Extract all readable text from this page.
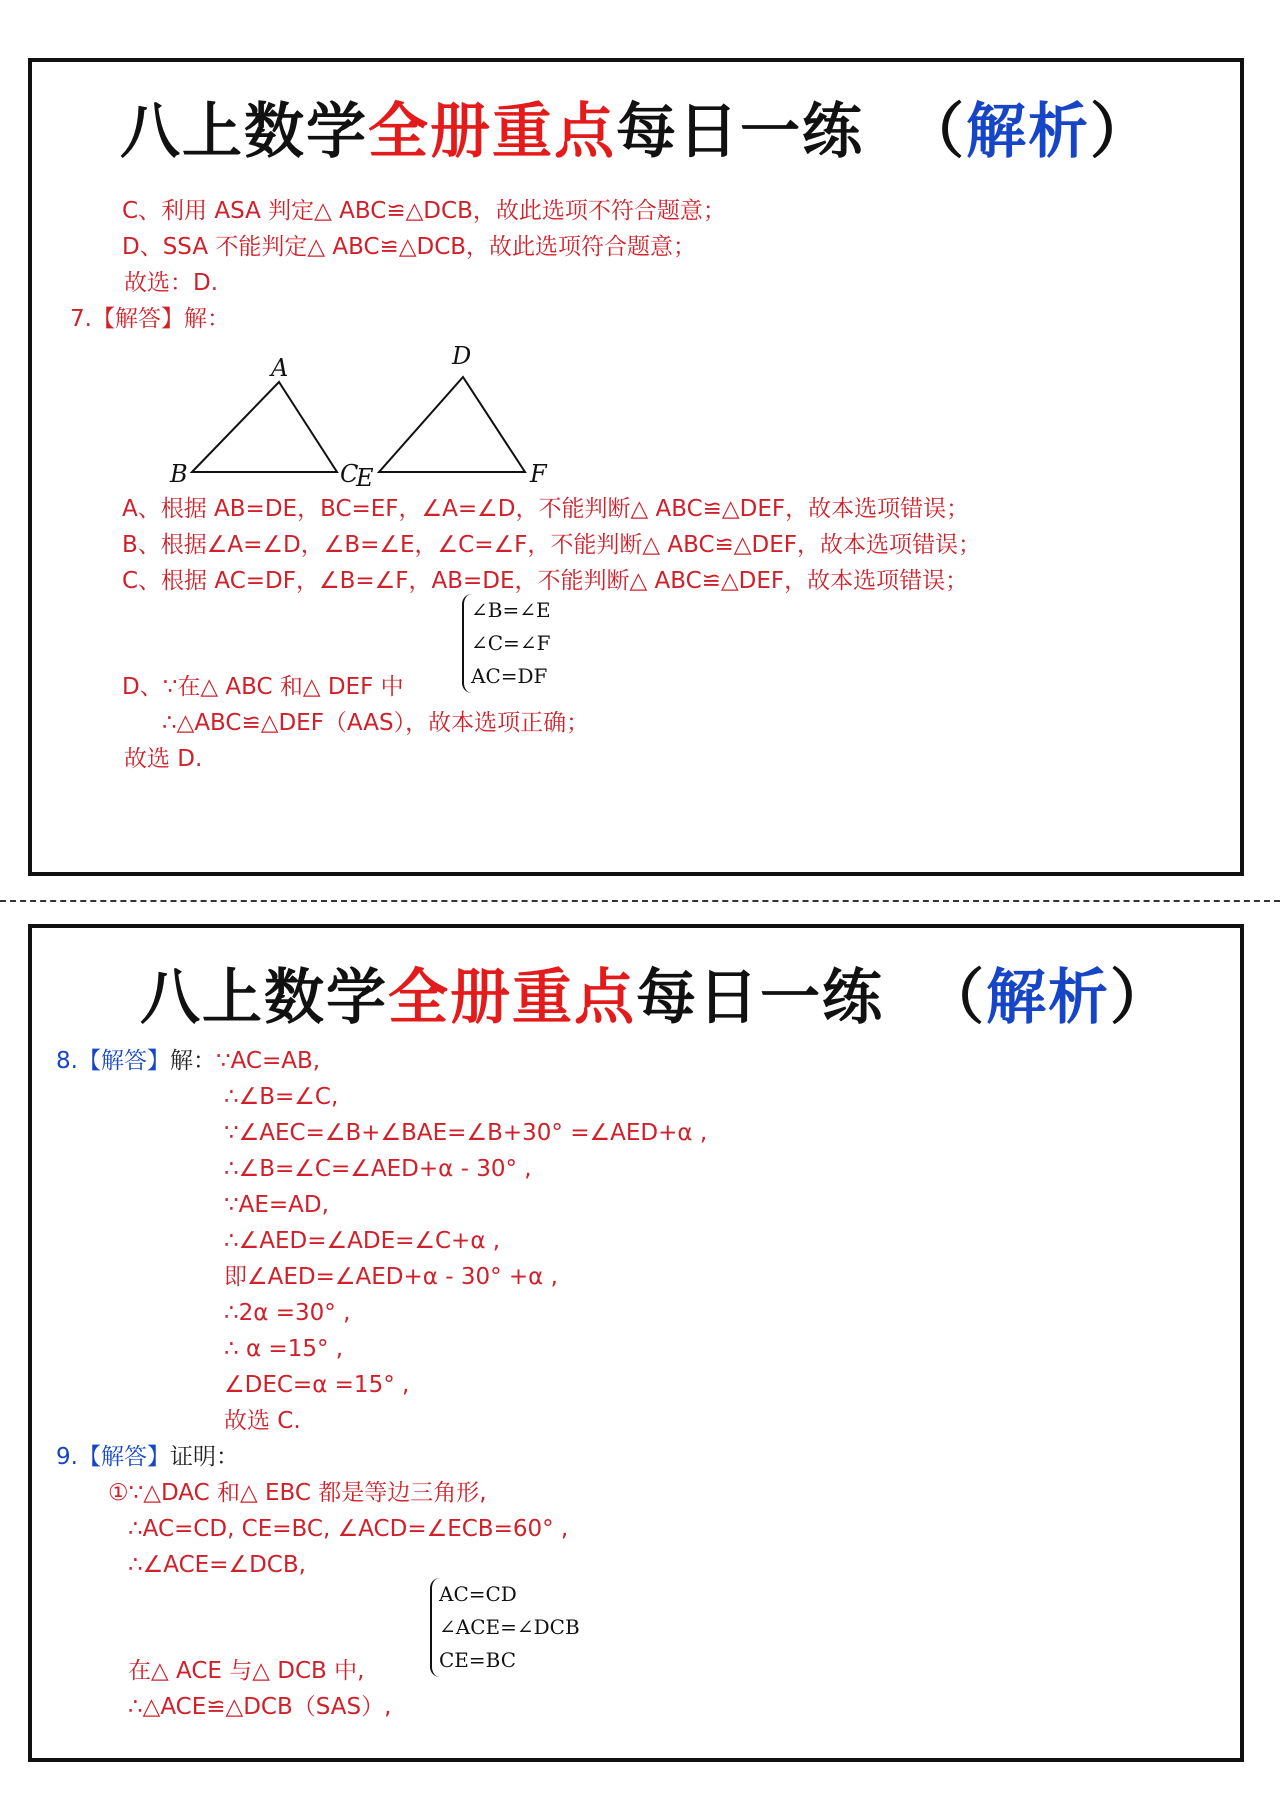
八上数学全册重点每日一练 （解析）
C、利用 ASA 判定△ ABC≌△DCB，故此选项不符合题意；
D、SSA 不能判定△ ABC≌△DCB，故此选项符合题意；
故选：D.
7.【解答】解：
A
B	C
D
E	F
A、根据 AB=DE，BC=EF，∠A=∠D，不能判断△ ABC≌△DEF，故本选项错误；
B、根据∠A=∠D，∠B=∠E，∠C=∠F，不能判断△ ABC≌△DEF，故本选项错误；
C、根据 AC=DF，∠B=∠F，AB=DE，不能判断△ ABC≌△DEF，故本选项错误；
∠B=∠E
∠C=∠F
AC=DF
D、∵在△ ABC 和△ DEF 中
∴△ABC≌△DEF（AAS），故本选项正确；
故选 D.
八上数学全册重点每日一练 （解析）
8.【解答】解：∵AC=AB,
∴∠B=∠C,
∵∠AEC=∠B+∠BAE=∠B+30° =∠AED+α ,
∴∠B=∠C=∠AED+α - 30° ,
∵AE=AD,
∴∠AED=∠ADE=∠C+α ,
即∠AED=∠AED+α - 30° +α ,
∴2α =30° ,
∴ α =15° ,
∠DEC=α =15° ,
故选 C.
9.【解答】证明：
①∵△DAC 和△ EBC 都是等边三角形,
∴AC=CD, CE=BC, ∠ACD=∠ECB=60° ,
∴∠ACE=∠DCB,
AC=CD
∠ACE=∠DCB
CE=BC
在△ ACE 与△ DCB 中,
∴△ACE≌△DCB（SAS）,
